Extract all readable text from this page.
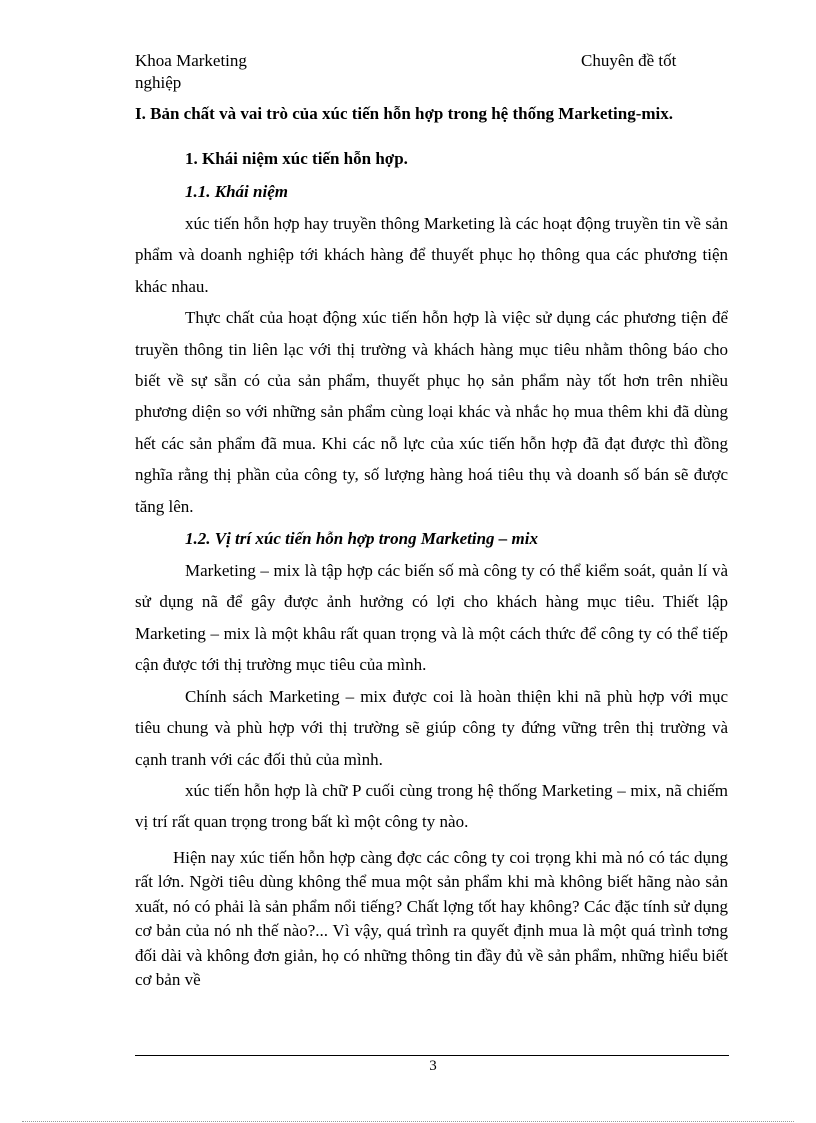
Khoa Marketing
nghiệp
Chuyên đề tốt

I. Bản chất và vai trò của xúc tiến hỗn hợp trong hệ thống Marketing-mix.

1. Khái niệm xúc tiến hỗn hợp.

1.1. Khái niệm

xúc tiến hỗn hợp hay truyền thông Marketing là các hoạt động truyền tin về sản phẩm và doanh nghiệp tới khách hàng để thuyết phục họ thông qua các phương tiện khác nhau.

Thực chất của hoạt động xúc tiến hỗn hợp là việc sử dụng các phương tiện để truyền thông tin liên lạc với thị trường và khách hàng mục tiêu nhằm thông báo cho biết về sự sẵn có của sản phẩm, thuyết phục họ sản phẩm này tốt hơn trên nhiều phương diện so với những sản phẩm cùng loại khác và nhắc họ mua thêm khi đã dùng hết các sản phẩm đã mua. Khi các nỗ lực của xúc tiến hỗn hợp đã đạt được thì đồng nghĩa rằng thị phần của công ty, số lượng hàng hoá tiêu thụ và doanh số bán sẽ được tăng lên.

1.2. Vị trí xúc tiến hỗn hợp trong Marketing – mix

Marketing – mix là tập hợp các biến số mà công ty có thể kiểm soát, quản lí và sử dụng nã để gây được ảnh hưởng có lợi cho khách hàng mục tiêu. Thiết lập Marketing – mix là một khâu rất quan trọng và là một cách thức để công ty có thể tiếp cận được tới thị trường mục tiêu của mình.

Chính sách Marketing – mix được coi là hoàn thiện khi nã phù hợp với mục tiêu chung và phù hợp với thị trường sẽ giúp công ty đứng vững trên thị trường và cạnh tranh với các đối thủ của mình.

xúc tiến hỗn hợp là chữ P cuối cùng trong hệ thống Marketing – mix, nã chiếm vị trí rất quan trọng trong bất kì một công ty nào.

Hiện nay xúc tiến hỗn hợp càng đợc các công ty coi trọng khi mà nó có tác dụng rất lớn. Ngời tiêu dùng không thể mua một sản phẩm khi mà không biết hãng nào sản xuất, nó có phải là sản phẩm nổi tiếng? Chất lợng tốt hay không? Các đặc tính sử dụng cơ bản của nó nh thế nào?... Vì vậy, quá trình ra quyết định mua là một quá trình tơng đối dài và không đơn giản, họ có những thông tin đầy đủ về sản phẩm, những hiểu biết cơ bản về

3
